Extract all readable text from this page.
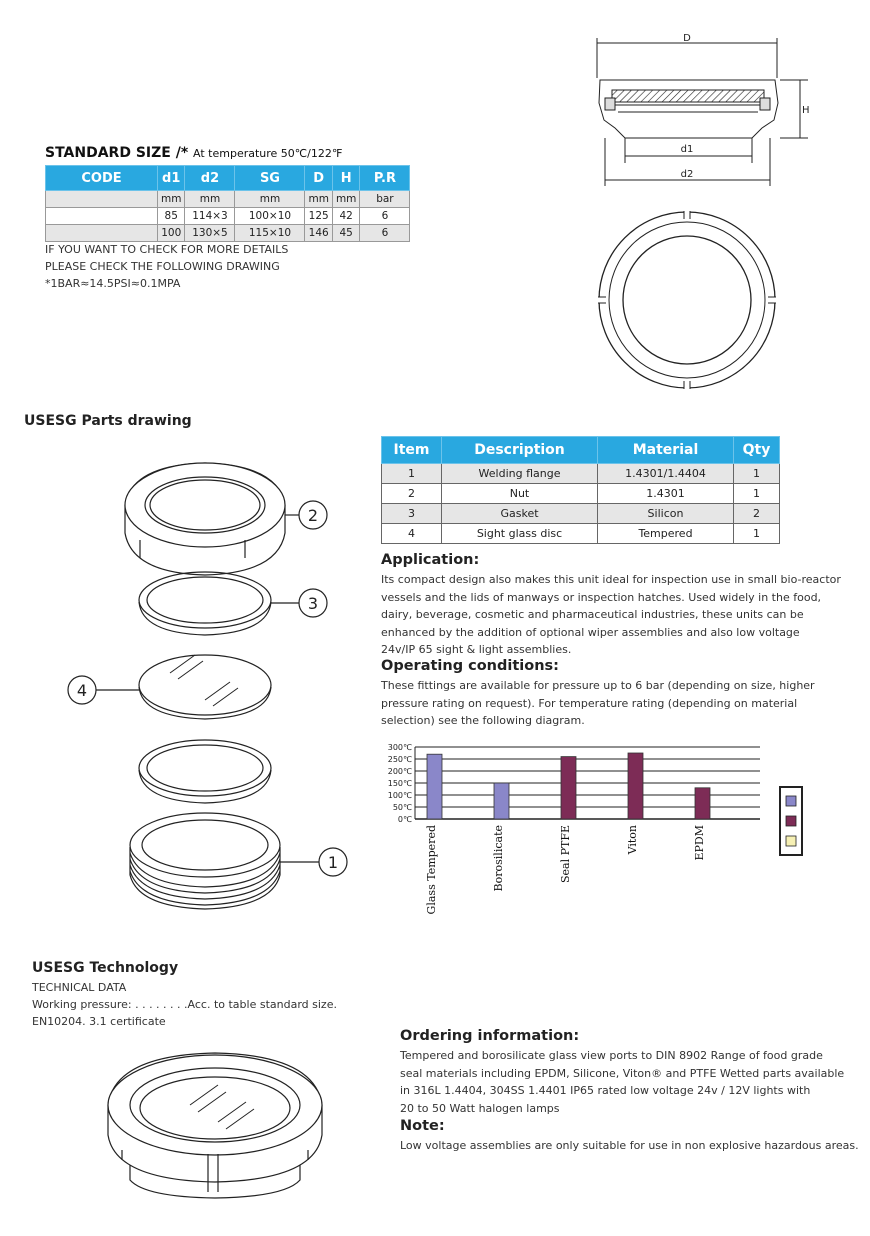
STANDARD SIZE /* At temperature 50℃/122℉
CODE	d1	d2	SG	D	H	P.R
	mm	mm	mm	mm	mm	bar
	85	114×3	100×10	125	42	6
	100	130×5	115×10	146	45	6
IF YOU WANT TO CHECK FOR MORE DETAILS
PLEASE CHECK THE FOLLOWING DRAWING
*1BAR≈14.5PSI≈0.1MPA
D
H
d1
d2
USESG Parts drawing
2
3
4
1
Item	Description	Material	Qty
1	Welding flange	1.4301/1.4404	1
2	Nut	1.4301	1
3	Gasket	Silicon	2
4	Sight glass disc	Tempered	1
Application:
Its compact design also makes this unit ideal for inspection use in small bio-reactor
vessels and the lids of manways or inspection hatches. Used widely in the food,
dairy, beverage, cosmetic and pharmaceutical industries, these units can be
enhanced by the addition of optional wiper assemblies and also low voltage
24v/IP 65 sight & light assemblies.
Operating conditions:
These fittings are available for pressure up to 6 bar (depending on size, higher
pressure rating on request). For temperature rating (depending on material
selection) see the following diagram.
300℃
250℃
200℃
150℃
100℃
50℃
0℃
Glass Tempered	Borosilicate	Seal PTFE	Viton	EPDM
USESG Technology
TECHNICAL DATA
Working pressure: . . . . . . . .Acc. to table standard size.
EN10204. 3.1 certificate
Ordering information:
Tempered and borosilicate glass view ports to DIN 8902 Range of food grade
seal materials including EPDM, Silicone, Viton® and PTFE Wetted parts available
in 316L 1.4404, 304SS 1.4401 IP65 rated low voltage 24v / 12V lights with
20 to 50 Watt halogen lamps
Note:
Low voltage assemblies are only suitable for use in non explosive hazardous areas.
